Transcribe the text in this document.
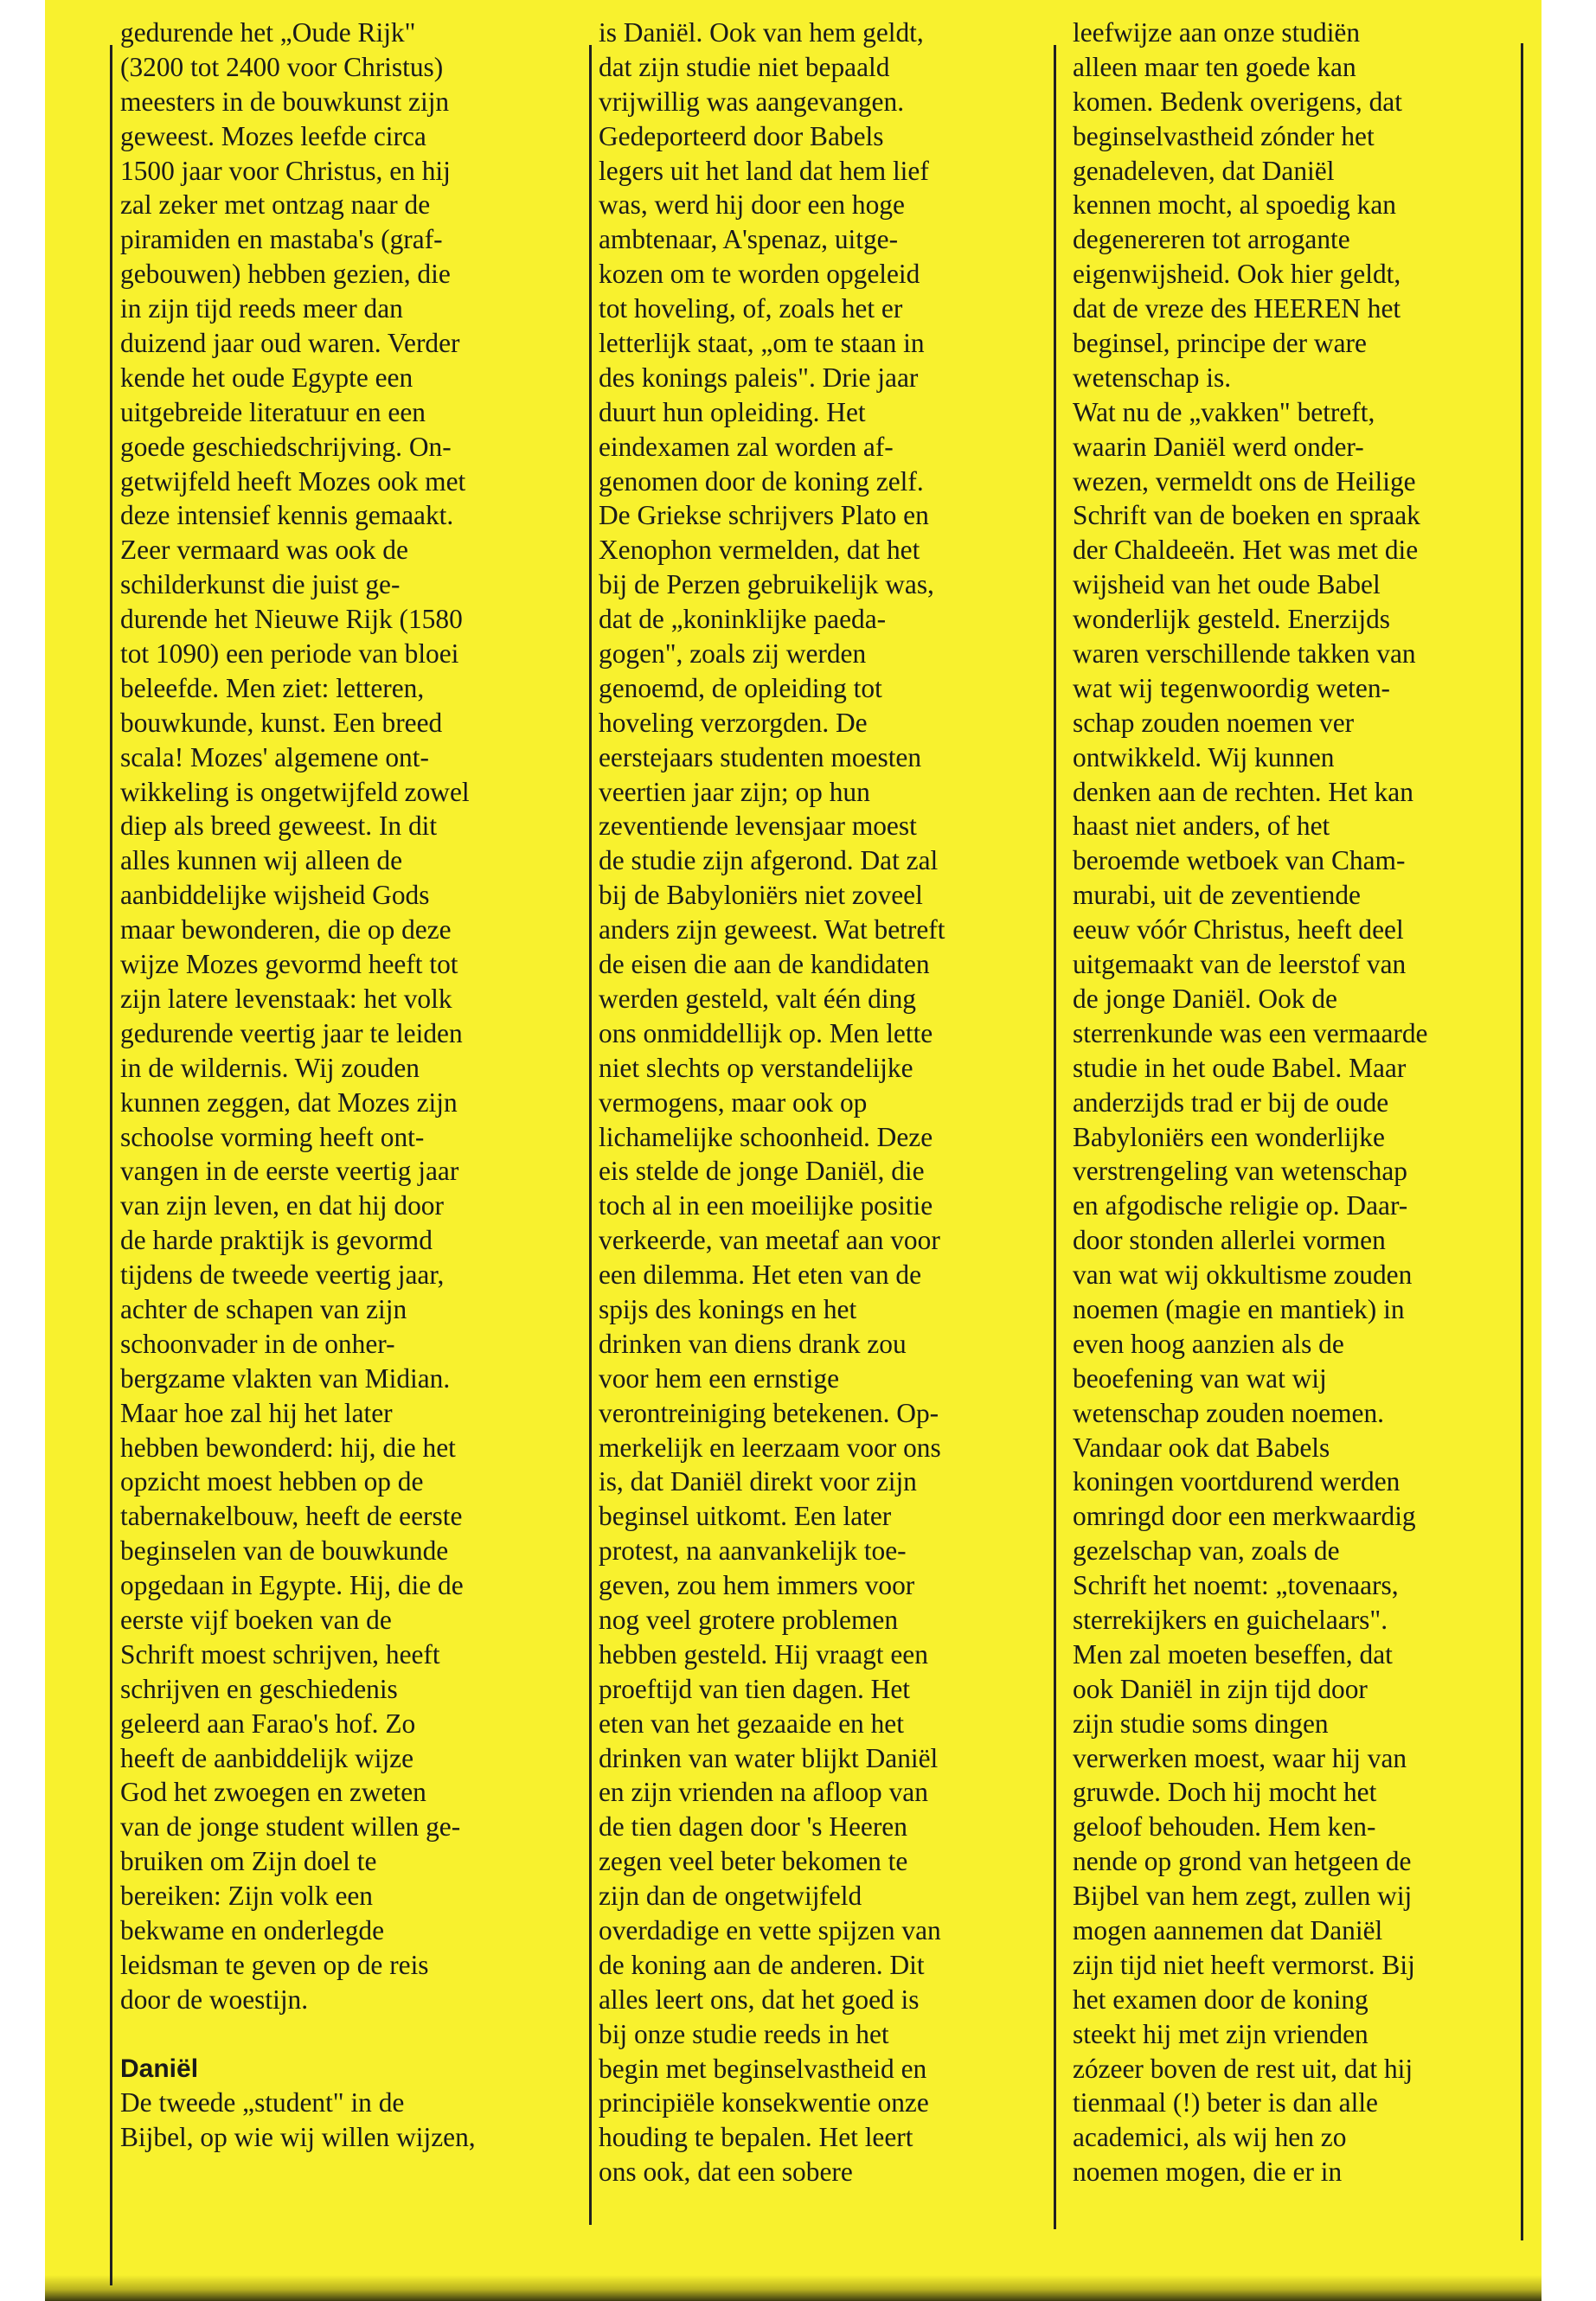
gedurende het „Oude Rijk"
(3200 tot 2400 voor Christus)
meesters in de bouwkunst zijn
geweest. Mozes leefde circa
1500 jaar voor Christus, en hij
zal zeker met ontzag naar de
piramiden en mastaba's (graf-
gebouwen) hebben gezien, die
in zijn tijd reeds meer dan
duizend jaar oud waren. Verder
kende het oude Egypte een
uitgebreide literatuur en een
goede geschiedschrijving. On-
getwijfeld heeft Mozes ook met
deze intensief kennis gemaakt.
Zeer vermaard was ook de
schilderkunst die juist ge-
durende het Nieuwe Rijk (1580
tot 1090) een periode van bloei
beleefde. Men ziet: letteren,
bouwkunde, kunst. Een breed
scala! Mozes' algemene ont-
wikkeling is ongetwijfeld zowel
diep als breed geweest. In dit
alles kunnen wij alleen de
aanbiddelijke wijsheid Gods
maar bewonderen, die op deze
wijze Mozes gevormd heeft tot
zijn latere levenstaak: het volk
gedurende veertig jaar te leiden
in de wildernis. Wij zouden
kunnen zeggen, dat Mozes zijn
schoolse vorming heeft ont-
vangen in de eerste veertig jaar
van zijn leven, en dat hij door
de harde praktijk is gevormd
tijdens de tweede veertig jaar,
achter de schapen van zijn
schoonvader in de onher-
bergzame vlakten van Midian.
Maar hoe zal hij het later
hebben bewonderd: hij, die het
opzicht moest hebben op de
tabernakelbouw, heeft de eerste
beginselen van de bouwkunde
opgedaan in Egypte. Hij, die de
eerste vijf boeken van de
Schrift moest schrijven, heeft
schrijven en geschiedenis
geleerd aan Farao's hof. Zo
heeft de aanbiddelijk wijze
God het zwoegen en zweten
van de jonge student willen ge-
bruiken om Zijn doel te
bereiken: Zijn volk een
bekwame en onderlegde
leidsman te geven op de reis
door de woestijn.
Daniël
De tweede „student" in de
Bijbel, op wie wij willen wijzen,
is Daniël. Ook van hem geldt,
dat zijn studie niet bepaald
vrijwillig was aangevangen.
Gedeporteerd door Babels
legers uit het land dat hem lief
was, werd hij door een hoge
ambtenaar, A'spenaz, uitge-
kozen om te worden opgeleid
tot hoveling, of, zoals het er
letterlijk staat, „om te staan in
des konings paleis". Drie jaar
duurt hun opleiding. Het
eindexamen zal worden af-
genomen door de koning zelf.
De Griekse schrijvers Plato en
Xenophon vermelden, dat het
bij de Perzen gebruikelijk was,
dat de „koninklijke paeda-
gogen", zoals zij werden
genoemd, de opleiding tot
hoveling verzorgden. De
eerstejaars studenten moesten
veertien jaar zijn; op hun
zeventiende levensjaar moest
de studie zijn afgerond. Dat zal
bij de Babyloniërs niet zoveel
anders zijn geweest. Wat betreft
de eisen die aan de kandidaten
werden gesteld, valt één ding
ons onmiddellijk op. Men lette
niet slechts op verstandelijke
vermogens, maar ook op
lichamelijke schoonheid. Deze
eis stelde de jonge Daniël, die
toch al in een moeilijke positie
verkeerde, van meetaf aan voor
een dilemma. Het eten van de
spijs des konings en het
drinken van diens drank zou
voor hem een ernstige
verontreiniging betekenen. Op-
merkelijk en leerzaam voor ons
is, dat Daniël direkt voor zijn
beginsel uitkomt. Een later
protest, na aanvankelijk toe-
geven, zou hem immers voor
nog veel grotere problemen
hebben gesteld. Hij vraagt een
proeftijd van tien dagen. Het
eten van het gezaaide en het
drinken van water blijkt Daniël
en zijn vrienden na afloop van
de tien dagen door 's Heeren
zegen veel beter bekomen te
zijn dan de ongetwijfeld
overdadige en vette spijzen van
de koning aan de anderen. Dit
alles leert ons, dat het goed is
bij onze studie reeds in het
begin met beginselvastheid en
principiële konsekwentie onze
houding te bepalen. Het leert
ons ook, dat een sobere
leefwijze aan onze studiën
alleen maar ten goede kan
komen. Bedenk overigens, dat
beginselvastheid zónder het
genadeleven, dat Daniël
kennen mocht, al spoedig kan
degenereren tot arrogante
eigenwijsheid. Ook hier geldt,
dat de vreze des HEEREN het
beginsel, principe der ware
wetenschap is.
Wat nu de „vakken" betreft,
waarin Daniël werd onder-
wezen, vermeldt ons de Heilige
Schrift van de boeken en spraak
der Chaldeeën. Het was met die
wijsheid van het oude Babel
wonderlijk gesteld. Enerzijds
waren verschillende takken van
wat wij tegenwoordig weten-
schap zouden noemen ver
ontwikkeld. Wij kunnen
denken aan de rechten. Het kan
haast niet anders, of het
beroemde wetboek van Cham-
murabi, uit de zeventiende
eeuw vóór Christus, heeft deel
uitgemaakt van de leerstof van
de jonge Daniël. Ook de
sterrenkunde was een vermaarde
studie in het oude Babel. Maar
anderzijds trad er bij de oude
Babyloniërs een wonderlijke
verstrengeling van wetenschap
en afgodische religie op. Daar-
door stonden allerlei vormen
van wat wij okkultisme zouden
noemen (magie en mantiek) in
even hoog aanzien als de
beoefening van wat wij
wetenschap zouden noemen.
Vandaar ook dat Babels
koningen voortdurend werden
omringd door een merkwaardig
gezelschap van, zoals de
Schrift het noemt: „tovenaars,
sterrekijkers en guichelaars".
Men zal moeten beseffen, dat
ook Daniël in zijn tijd door
zijn studie soms dingen
verwerken moest, waar hij van
gruwde. Doch hij mocht het
geloof behouden. Hem ken-
nende op grond van hetgeen de
Bijbel van hem zegt, zullen wij
mogen aannemen dat Daniël
zijn tijd niet heeft vermorst. Bij
het examen door de koning
steekt hij met zijn vrienden
zózeer boven de rest uit, dat hij
tienmaal (!) beter is dan alle
academici, als wij hen zo
noemen mogen, die er in
